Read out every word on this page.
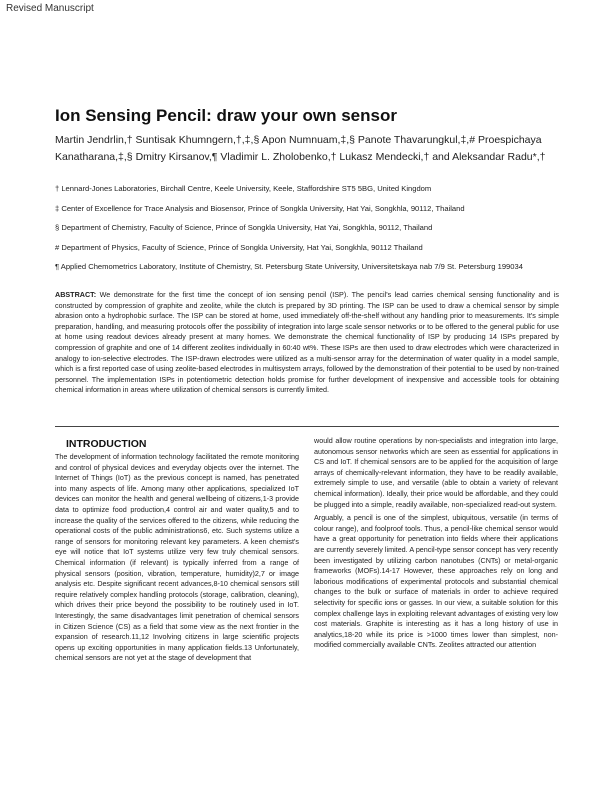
Revised Manuscript
Ion Sensing Pencil: draw your own sensor
Martin Jendrlin,† Suntisak Khumngern,†,‡,§ Apon Numnuam,‡,§ Panote Thavarungkul,‡,# Proespichaya Kanatharana,‡,§ Dmitry Kirsanov,¶ Vladimir L. Zholobenko,† Lukasz Mendecki,† and Aleksandar Radu*,†

† Lennard-Jones Laboratories, Birchall Centre, Keele University, Keele, Staffordshire ST5 5BG, United Kingdom

‡ Center of Excellence for Trace Analysis and Biosensor, Prince of Songkla University, Hat Yai, Songkhla, 90112, Thailand

§ Department of Chemistry, Faculty of Science, Prince of Songkla University, Hat Yai, Songkhla, 90112, Thailand

# Department of Physics, Faculty of Science, Prince of Songkla University, Hat Yai, Songkhla, 90112 Thailand

¶ Applied Chemometrics Laboratory, Institute of Chemistry, St. Petersburg State University, Universitetskaya nab 7/9 St. Petersburg 199034

ABSTRACT: We demonstrate for the first time the concept of ion sensing pencil (ISP). The pencil's lead carries chemical sensing functionality and is constructed by compression of graphite and zeolite, while the clutch is prepared by 3D printing. The ISP can be used to draw a chemical sensor by simple abrasion onto a hydrophobic surface. The ISP can be stored at home, used immediately off-the-shelf without any handling prior to measurements. It's simple preparation, handling, and measuring protocols offer the possibility of integration into large scale sensor networks or to be offered to the general public for use at home using readout devices already present at many homes. We demonstrate the chemical functionality of ISP by producing 14 ISPs prepared by compression of graphite and one of 14 different zeolites individually in 60:40 wt%. These ISPs are then used to draw electrodes which were characterized in analogy to ion-selective electrodes. The ISP-drawn electrodes were utilized as a multi-sensor array for the determination of water quality in a model sample, which is a first reported case of using zeolite-based electrodes in multisystem arrays, followed by the demonstration of their potential to be used by non-trained personnel. The implementation ISPs in potentiometric detection holds promise for further development of inexpensive and accessible tools for obtaining chemical information in areas where utilization of chemical sensors is currently limited.
INTRODUCTION

The development of information technology facilitated the remote monitoring and control of physical devices and everyday objects over the internet. The Internet of Things (IoT) as the previous concept is named, has penetrated into many aspects of life. Among many other applications, specialized IoT devices can monitor the health and general wellbeing of citizens,1-3 provide data to optimize food production,4 control air and water quality,5 and to increase the quality of the services offered to the citizens, while reducing the operational costs of the public administrations6, etc. Such systems utilize a range of sensors for monitoring relevant key parameters. A keen chemist's eye will notice that IoT systems utilize very few truly chemical sensors. Chemical information (if relevant) is typically inferred from a range of physical sensors (position, vibration, temperature, humidity)2,7 or image analysis etc. Despite significant recent advances,8-10 chemical sensors still require relatively complex handling protocols (storage, calibration, cleaning), which drives their price beyond the possibility to be routinely used in IoT. Interestingly, the same disadvantages limit penetration of chemical sensors in Citizen Science (CS) as a field that some view as the next frontier in the expansion of research.11,12 Involving citizens in large scientific projects opens up exciting opportunities in many application fields.13 Unfortunately, chemical sensors are not yet at the stage of development that

would allow routine operations by non-specialists and integration into large, autonomous sensor networks which are seen as essential for applications in CS and IoT. If chemical sensors are to be applied for the acquisition of large arrays of chemically-relevant information, they have to be readily available, extremely simple to use, and versatile (able to obtain a variety of relevant chemical information). Ideally, their price would be affordable, and they could be plugged into a simple, readily available, non-specialized read-out system.

Arguably, a pencil is one of the simplest, ubiquitous, versatile (in terms of colour range), and foolproof tools. Thus, a pencil-like chemical sensor would have a great opportunity for penetration into fields where their applications are currently severely limited. A pencil-type sensor concept has very recently been investigated by utilizing carbon nanotubes (CNTs) or metal-organic frameworks (MOFs).14-17 However, these approaches rely on long and laborious modifications of experimental protocols and substantial chemical changes to the bulk or surface of materials in order to achieve required selectivity for specific ions or gasses. In our view, a suitable solution for this complex challenge lays in exploiting relevant advantages of existing very low cost materials. Graphite is interesting as it has a long history of use in analytics,18-20 while its price is >1000 times lower than simplest, non-modified commercially available CNTs. Zeolites attracted our attention
